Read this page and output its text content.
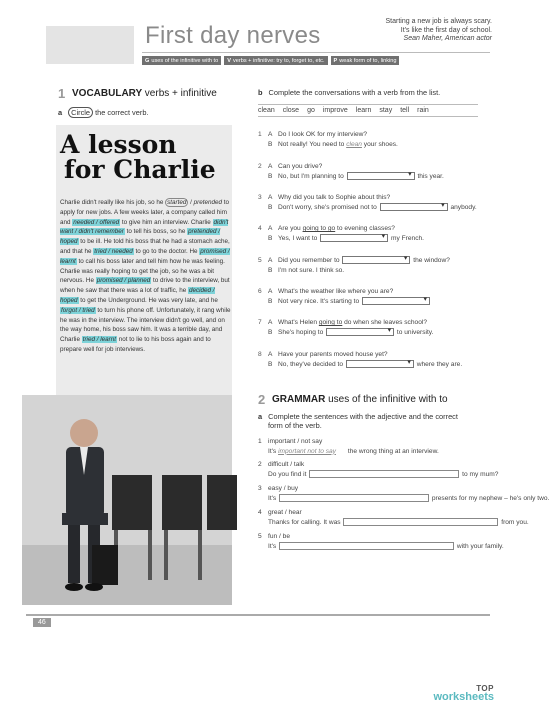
First day nerves
Starting a new job is always scary.
It's like the first day of school.
Sean Maher, American actor
G uses of the infinitive with to	V verbs + infinitive: try to, forget to, etc.	P weak form of to, linking
1 VOCABULARY verbs + infinitive
a Circle the correct verb.
A lesson
for Charlie
Charlie didn't really like his job, so he started / pretended to apply for new jobs. A few weeks later, a company called him and needed / offered to give him an interview. Charlie didn't want / didn't remember to tell his boss, so he pretended / hoped to be ill. He told his boss that he had a stomach ache, and that he tried / needed to go to the doctor. He promised / learnt to call his boss later and tell him how he was feeling. Charlie was really hoping to get the job, so he was a bit nervous. He promised / planned to drive to the interview, but when he saw that there was a lot of traffic, he decided / hoped to get the Underground. He was very late, and he forgot / tried to turn his phone off. Unfortunately, it rang while he was in the interview. The interview didn't go well, and on the way home, his boss saw him. It was a terrible day, and Charlie tried / learnt not to lie to his boss again and to prepare well for job interviews.
46
b Complete the conversations with a verb from the list.
clean close go improve learn stay tell rain
1 A Do I look OK for my interview?
B Not really! You need to clean your shoes.
2 A Can you drive?
B No, but I'm planning to ▾	this year.
3 A Why did you talk to Sophie about this?
B Don't worry, she's promised not to ▾	anybody.
4 A Are you going to go to evening classes?
B Yes, I want to ▾	my French.
5 A Did you remember to ▾	the window?
B I'm not sure. I think so.
6 A What's the weather like where you are?
B Not very nice. It's starting to ▾
7 A What's Helen going to do when she leaves school?
B She's hoping to ▾	to university.
8 A Have your parents moved house yet?
B No, they've decided to ▾	where they are.
2 GRAMMAR uses of the infinitive with to
a Complete the sentences with the adjective and the correct
form of the verb.
1 important / not say
It's important not to say the wrong thing at an interview.
2 difficult / talk
Do you find it	to my mum?
3 easy / buy
It's	presents for my nephew – he's only two.
4 great / hear
Thanks for calling. It was	from you.
5 fun / be
It's	with your family.
TOP
worksheets
